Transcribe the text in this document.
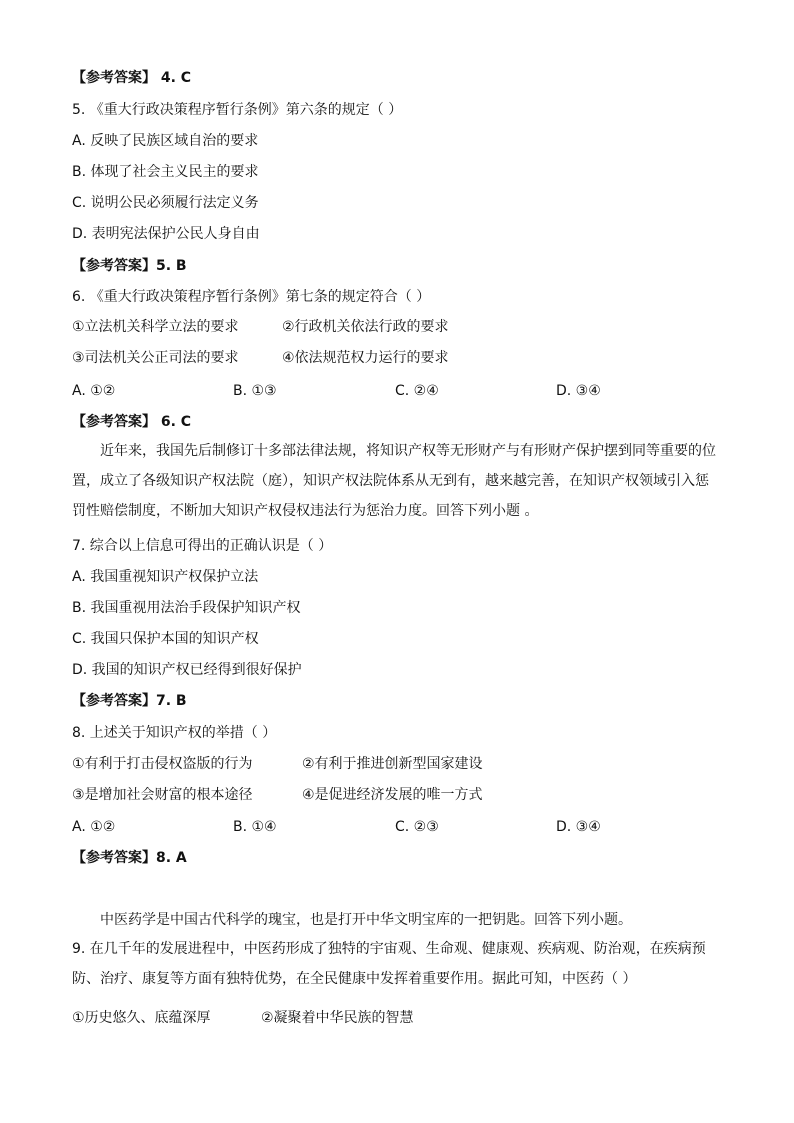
【参考答案】 4. C
5. 《重大行政决策程序暂行条例》第六条的规定（ ）
A. 反映了民族区域自治的要求
B. 体现了社会主义民主的要求
C. 说明公民必须履行法定义务
D. 表明宪法保护公民人身自由
【参考答案】5. B
6. 《重大行政决策程序暂行条例》第七条的规定符合（ ）
①立法机关科学立法的要求	②行政机关依法行政的要求
③司法机关公正司法的要求	④依法规范权力运行的要求
A. ①②	B. ①③	C. ②④	D. ③④
【参考答案】 6. C
近年来，我国先后制修订十多部法律法规，将知识产权等无形财产与有形财产保护摆到同等重要的位置，成立了各级知识产权法院（庭），知识产权法院体系从无到有，越来越完善，在知识产权领域引入惩罚性赔偿制度，不断加大知识产权侵权违法行为惩治力度。回答下列小题 。
7. 综合以上信息可得出的正确认识是（ ）
A. 我国重视知识产权保护立法
B. 我国重视用法治手段保护知识产权
C. 我国只保护本国的知识产权
D. 我国的知识产权已经得到很好保护
【参考答案】7. B
8. 上述关于知识产权的举措（ ）
①有利于打击侵权盗版的行为	②有利于推进创新型国家建设
③是增加社会财富的根本途径	④是促进经济发展的唯一方式
A. ①②	B. ①④	C. ②③	D. ③④
【参考答案】8. A
中医药学是中国古代科学的瑰宝，也是打开中华文明宝库的一把钥匙。回答下列小题。
9. 在几千年的发展进程中，中医药形成了独特的宇宙观、生命观、健康观、疾病观、防治观，在疾病预防、治疗、康复等方面有独特优势，在全民健康中发挥着重要作用。据此可知，中医药（ ）
①历史悠久、底蕴深厚	②凝聚着中华民族的智慧
